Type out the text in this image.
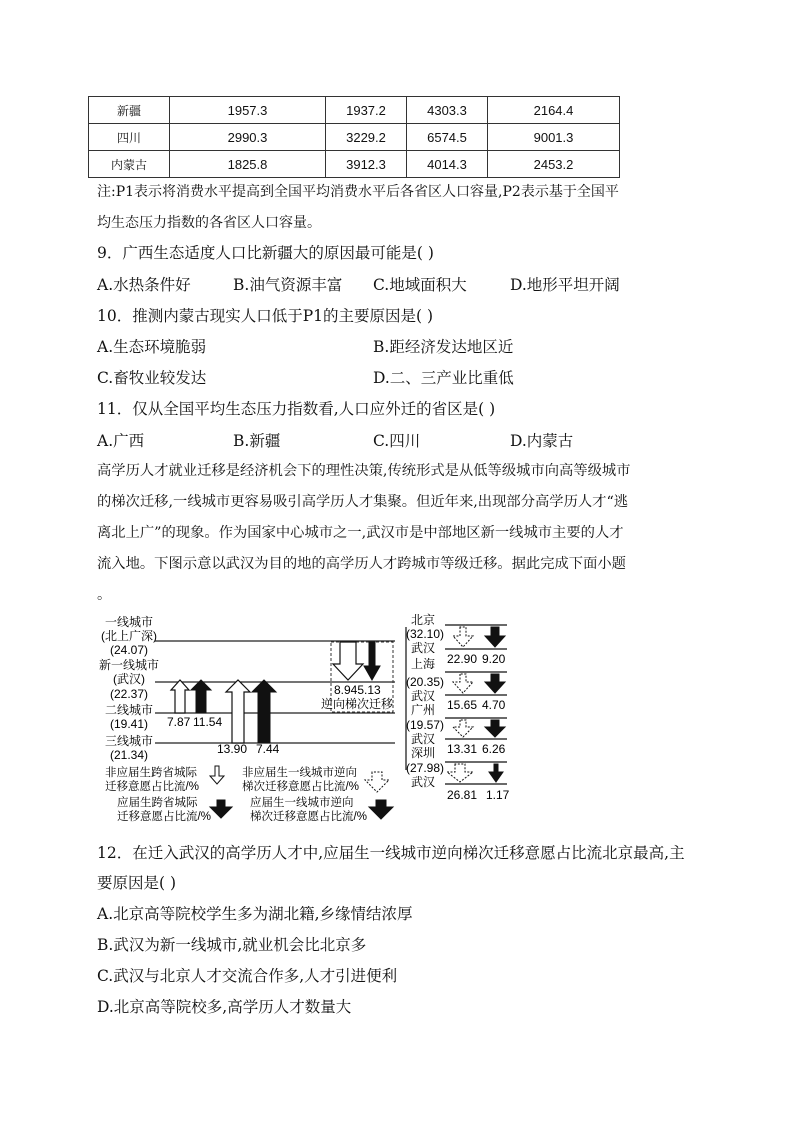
新疆	1957.3	1937.2	4303.3	2164.4
四川	2990.3	3229.2	6574.5	9001.3
内蒙古	1825.8	3912.3	4014.3	2453.2
注:P1表示将消费水平提高到全国平均消费水平后各省区人口容量,P2表示基于全国平
均生态压力指数的各省区人口容量。
9．广西生态适度人口比新疆大的原因最可能是( )
A.水热条件好	B.油气资源丰富 C.地域面积大	D.地形平坦开阔
10．推测内蒙古现实人口低于P1的主要原因是( )
A.生态环境脆弱	B.距经济发达地区近
C.畜牧业较发达	D.二、三产业比重低
11．仅从全国平均生态压力指数看,人口应外迁的省区是( )
A.广西	B.新疆	C.四川	D.内蒙古
高学历人才就业迁移是经济机会下的理性决策,传统形式是从低等级城市向高等级城市
的梯次迁移,一线城市更容易吸引高学历人才集聚。但近年来,出现部分高学历人才“逃
离北上广”的现象。作为国家中心城市之一,武汉市是中部地区新一线城市主要的人才
流入地。下图示意以武汉为目的地的高学历人才跨城市等级迁移。据此完成下面小题
。
一线城市
(北上广深)
(24.07)
新一线城市
(武汉)
(22.37)
二线城市
(19.41)
三线城市
(21.34)
7.87 11.54
13.90 7.44
8.945.13
逆向梯次迁移
北京
(32.10)
武汉
22.90 9.20
上海
(20.35)
武汉
15.65 4.70
广州
(19.57)
武汉
13.31 6.26
深圳
(27.98)
武汉
26.81 1.17
非应届生跨省城际
迁移意愿占比流/%
应届生跨省城际
迁移意愿占比流/%
非应届生一线城市逆向
梯次迁移意愿占比流/%
应届生一线城市逆向
梯次迁移意愿占比流/%
12．在迁入武汉的高学历人才中,应届生一线城市逆向梯次迁移意愿占比流北京最高,主
要原因是( )
A.北京高等院校学生多为湖北籍,乡缘情结浓厚
B.武汉为新一线城市,就业机会比北京多
C.武汉与北京人才交流合作多,人才引进便利
D.北京高等院校多,高学历人才数量大
